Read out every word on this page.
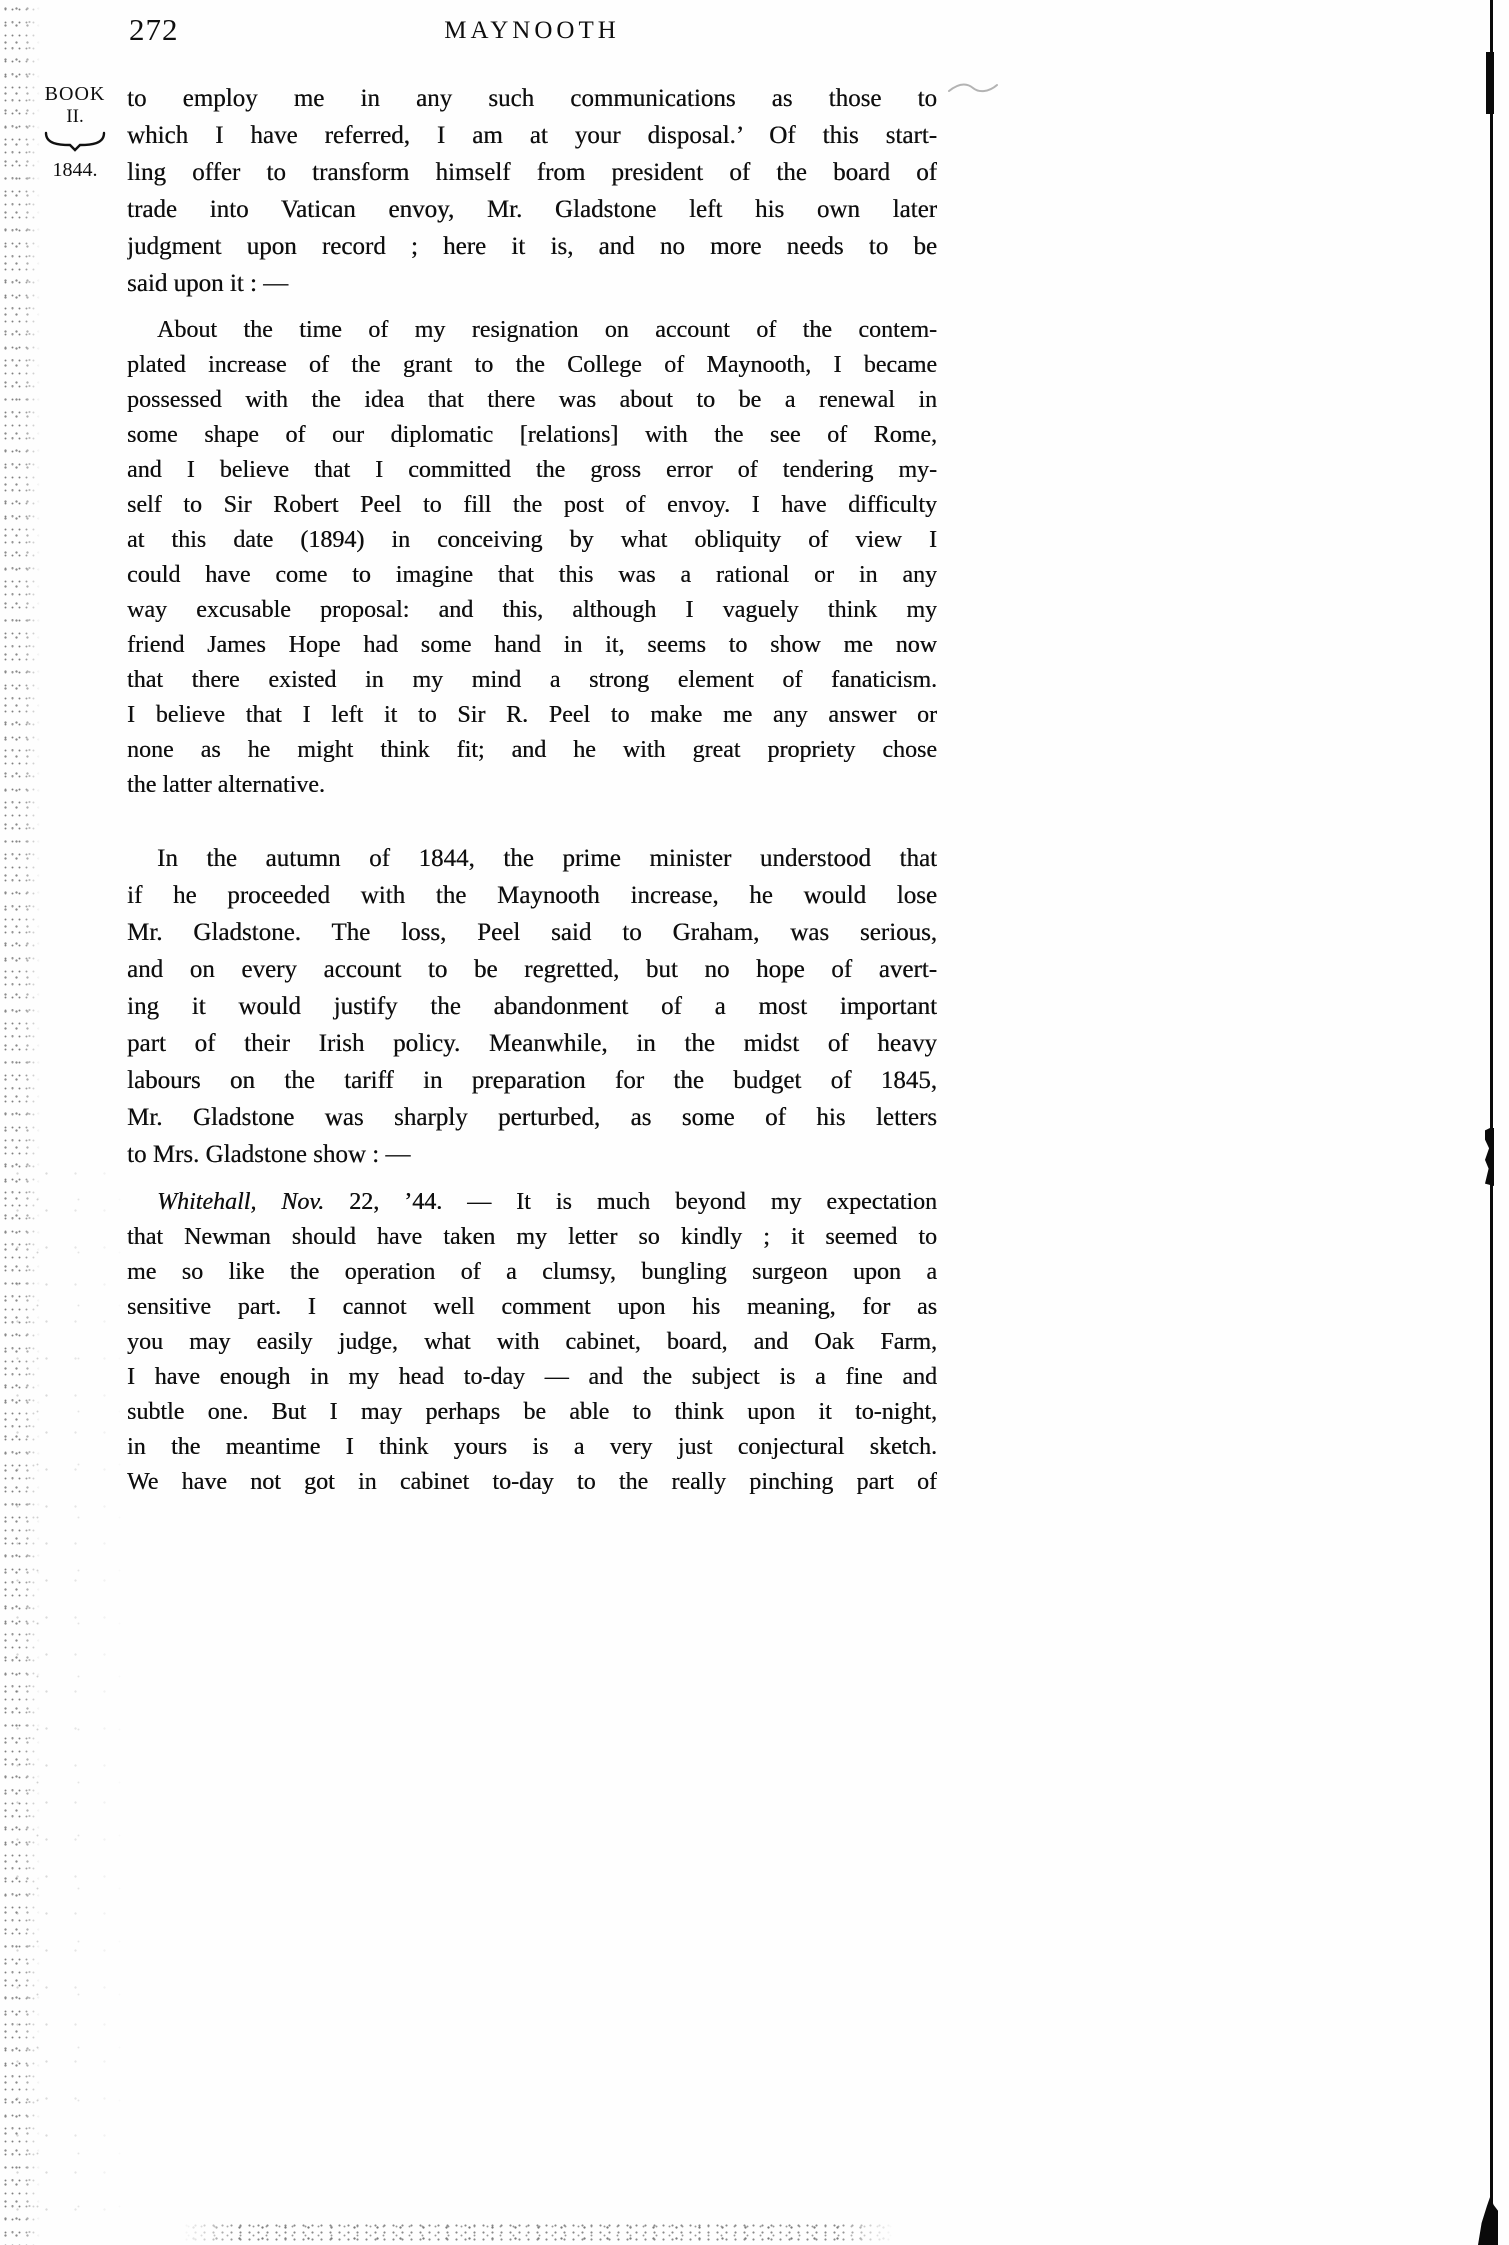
272	MAYNOOTH
BOOK
II.
1844.
to employ me in any such communications as those to
which I have referred, I am at your disposal.’ Of this start-
ling offer to transform himself from president of the board of
trade into Vatican envoy, Mr. Gladstone left his own later
judgment upon record ; here it is, and no more needs to be
said upon it : —
About the time of my resignation on account of the contem-
plated increase of the grant to the College of Maynooth, I became
possessed with the idea that there was about to be a renewal in
some shape of our diplomatic [relations] with the see of Rome,
and I believe that I committed the gross error of tendering my-
self to Sir Robert Peel to fill the post of envoy. I have difficulty
at this date (1894) in conceiving by what obliquity of view I
could have come to imagine that this was a rational or in any
way excusable proposal: and this, although I vaguely think my
friend James Hope had some hand in it, seems to show me now
that there existed in my mind a strong element of fanaticism.
I believe that I left it to Sir R. Peel to make me any answer or
none as he might think fit; and he with great propriety chose
the latter alternative.
In the autumn of 1844, the prime minister understood that
if he proceeded with the Maynooth increase, he would lose
Mr. Gladstone. The loss, Peel said to Graham, was serious,
and on every account to be regretted, but no hope of avert-
ing it would justify the abandonment of a most important
part of their Irish policy. Meanwhile, in the midst of heavy
labours on the tariff in preparation for the budget of 1845,
Mr. Gladstone was sharply perturbed, as some of his letters
to Mrs. Gladstone show : —
Whitehall, Nov. 22, ’44. — It is much beyond my expectation
that Newman should have taken my letter so kindly ; it seemed to
me so like the operation of a clumsy, bungling surgeon upon a
sensitive part. I cannot well comment upon his meaning, for as
you may easily judge, what with cabinet, board, and Oak Farm,
I have enough in my head to-day — and the subject is a fine and
subtle one. But I may perhaps be able to think upon it to-night,
in the meantime I think yours is a very just conjectural sketch.
We have not got in cabinet to-day to the really pinching part of
